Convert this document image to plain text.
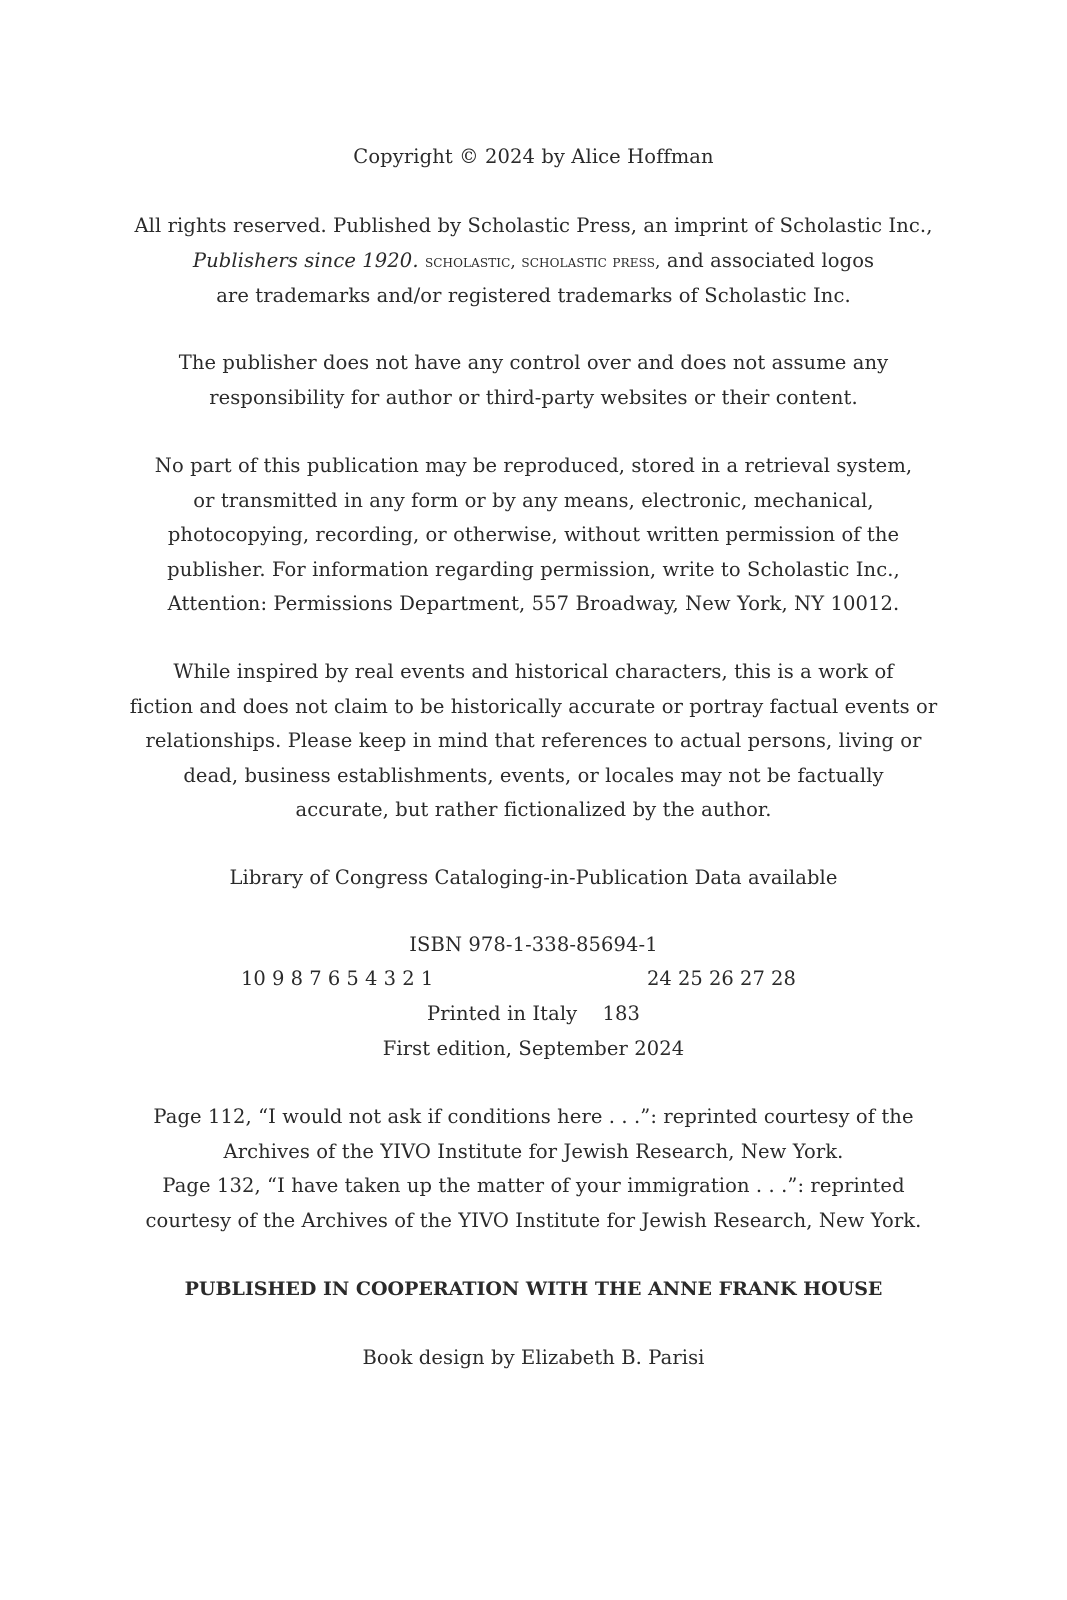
Copyright © 2024 by Alice Hoffman
All rights reserved. Published by Scholastic Press, an imprint of Scholastic Inc.,
Publishers since 1920. scholastic, scholastic press, and associated logos
are trademarks and/or registered trademarks of Scholastic Inc.
The publisher does not have any control over and does not assume any
responsibility for author or third-party websites or their content.
No part of this publication may be reproduced, stored in a retrieval system,
or transmitted in any form or by any means, electronic, mechanical,
photocopying, recording, or otherwise, without written permission of the
publisher. For information regarding permission, write to Scholastic Inc.,
Attention: Permissions Department, 557 Broadway, New York, NY 10012.
While inspired by real events and historical characters, this is a work of
fiction and does not claim to be historically accurate or portray factual events or
relationships. Please keep in mind that references to actual persons, living or
dead, business establishments, events, or locales may not be factually
accurate, but rather fictionalized by the author.
Library of Congress Cataloging-in-Publication Data available
ISBN 978-1-338-85694-1
10 9 8 7 6 5 4 3 2 1	24 25 26 27 28
Printed in Italy 183
First edition, September 2024
Page 112, “I would not ask if conditions here . . .”: reprinted courtesy of the
Archives of the YIVO Institute for Jewish Research, New York.
Page 132, “I have taken up the matter of your immigration . . .”: reprinted
courtesy of the Archives of the YIVO Institute for Jewish Research, New York.
PUBLISHED IN COOPERATION WITH THE ANNE FRANK HOUSE
Book design by Elizabeth B. Parisi
